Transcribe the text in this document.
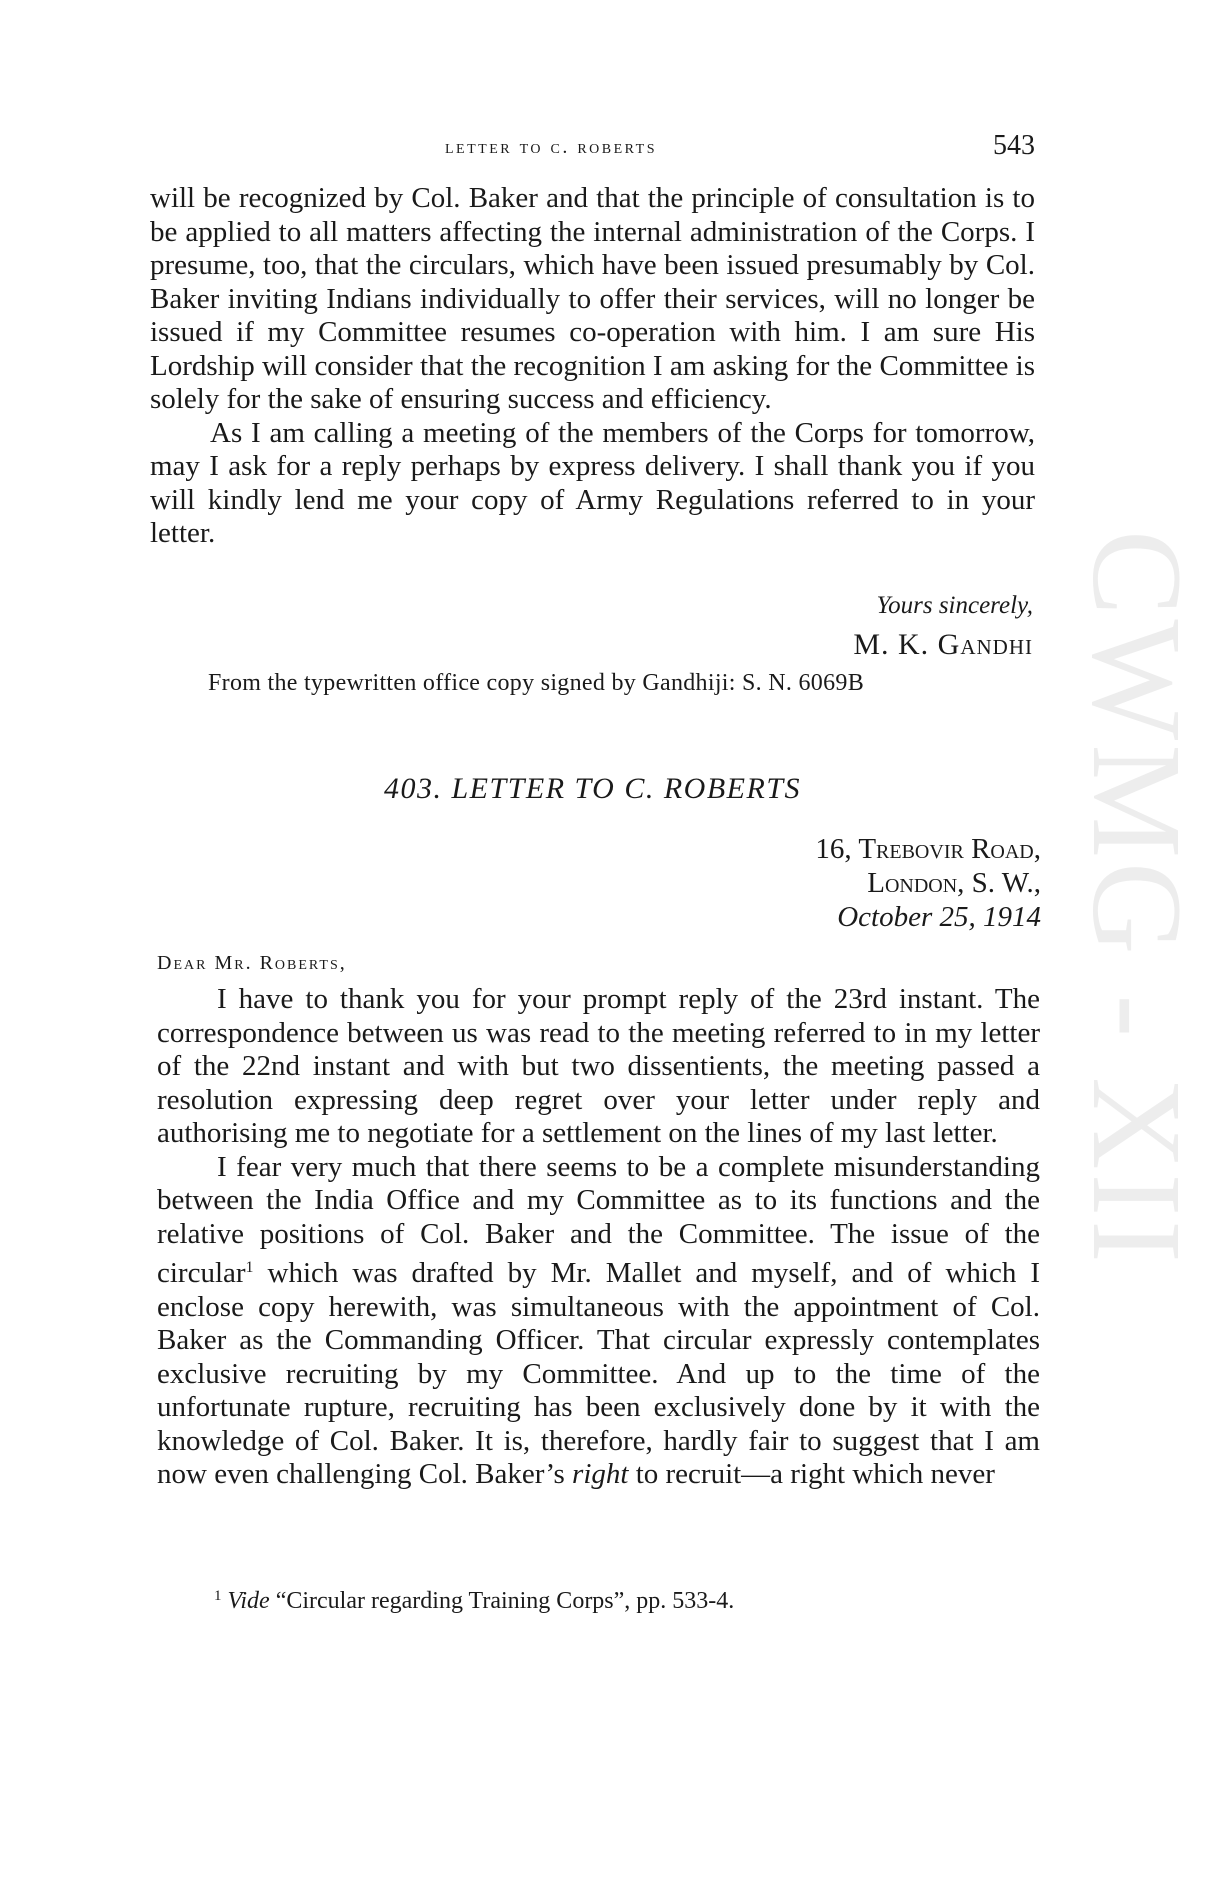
CWMG - XII
letter to c. roberts	543

will be recognized by Col. Baker and that the principle of consultation is to be applied to all matters affecting the internal administration of the Corps. I presume, too, that the circulars, which have been issued presumably by Col. Baker inviting Indians individually to offer their services, will no longer be issued if my Committee resumes co-operation with him. I am sure His Lordship will consider that the recognition I am asking for the Committee is solely for the sake of ensuring success and efficiency.

As I am calling a meeting of the members of the Corps for tomorrow, may I ask for a reply perhaps by express delivery. I shall thank you if you will kindly lend me your copy of Army Regulations referred to in your letter.

Yours sincerely,
M. K. Gandhi
From the typewritten office copy signed by Gandhiji: S. N. 6069B
403. LETTER TO C. ROBERTS
16, Trebovir Road,
London, S. W.,
October 25, 1914
Dear Mr. Roberts,

I have to thank you for your prompt reply of the 23rd instant. The correspondence between us was read to the meeting referred to in my letter of the 22nd instant and with but two dissentients, the meeting passed a resolution expressing deep regret over your letter under reply and authorising me to negotiate for a settlement on the lines of my last letter.

I fear very much that there seems to be a complete misunderstanding between the India Office and my Committee as to its functions and the relative positions of Col. Baker and the Committee. The issue of the circular$^1$ which was drafted by Mr. Mallet and myself, and of which I enclose copy herewith, was simultaneous with the appointment of Col. Baker as the Commanding Officer. That circular expressly contemplates exclusive recruiting by my Committee. And up to the time of the unfortunate rupture, recruiting has been exclusively done by it with the knowledge of Col. Baker. It is, therefore, hardly fair to suggest that I am now even challenging Col. Baker’s right to recruit—a right which never

$^1$ Vide “Circular regarding Training Corps”, pp. 533-4.
